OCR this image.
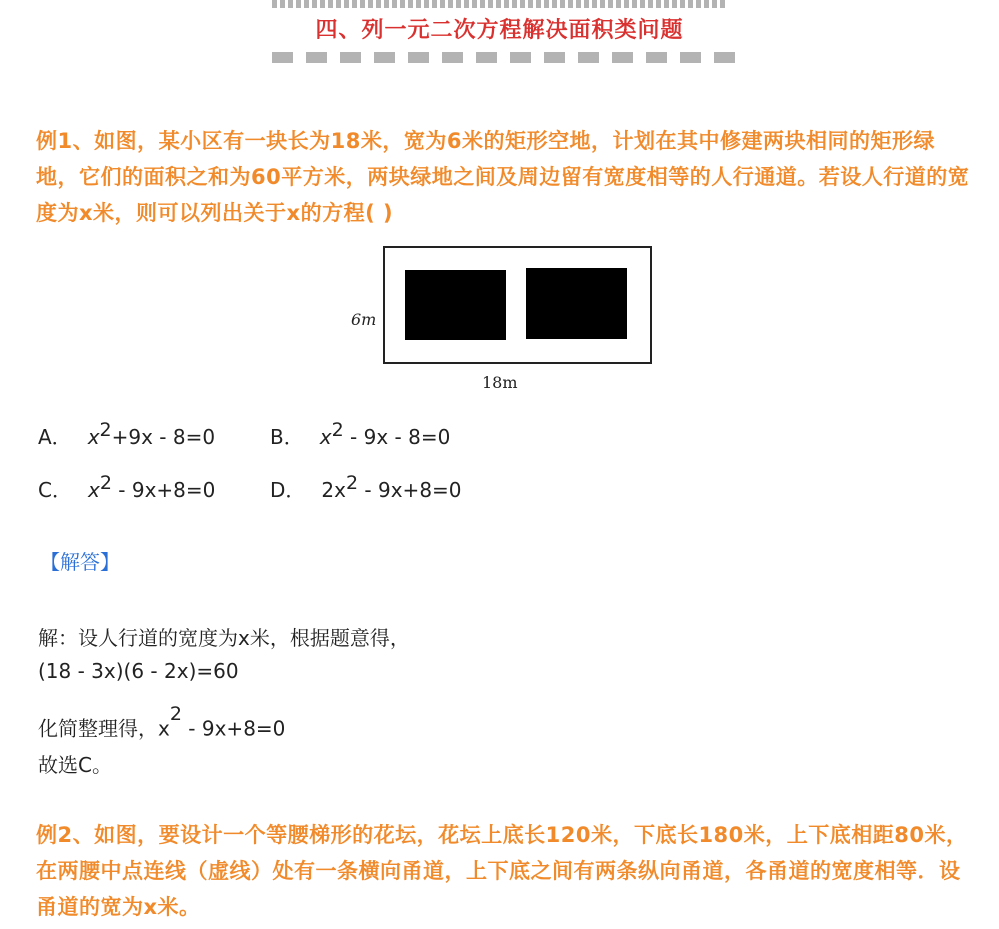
四、列一元二次方程解决面积类问题
例1、如图，某小区有一块长为18米，宽为6米的矩形空地，计划在其中修建两块相同的矩形绿地，它们的面积之和为60平方米，两块绿地之间及周边留有宽度相等的人行通道。若设人行道的宽度为x米，则可以列出关于x的方程( )
6m
18m
A． $x^2+9x - 8=0$	B． $x^2 - 9x - 8=0$
C． $x^2 - 9x+8=0$	D． $2x^2 - 9x+8=0$
【解答】
解：设人行道的宽度为x米，根据题意得，
(18 - 3x)(6 - 2x)=60
化简整理得，$x^2 - 9x+8=0$
故选C。
例2、如图，要设计一个等腰梯形的花坛，花坛上底长120米，下底长180米，上下底相距80米，在两腰中点连线（虚线）处有一条横向甬道，上下底之间有两条纵向甬道，各甬道的宽度相等．设甬道的宽为x米。
